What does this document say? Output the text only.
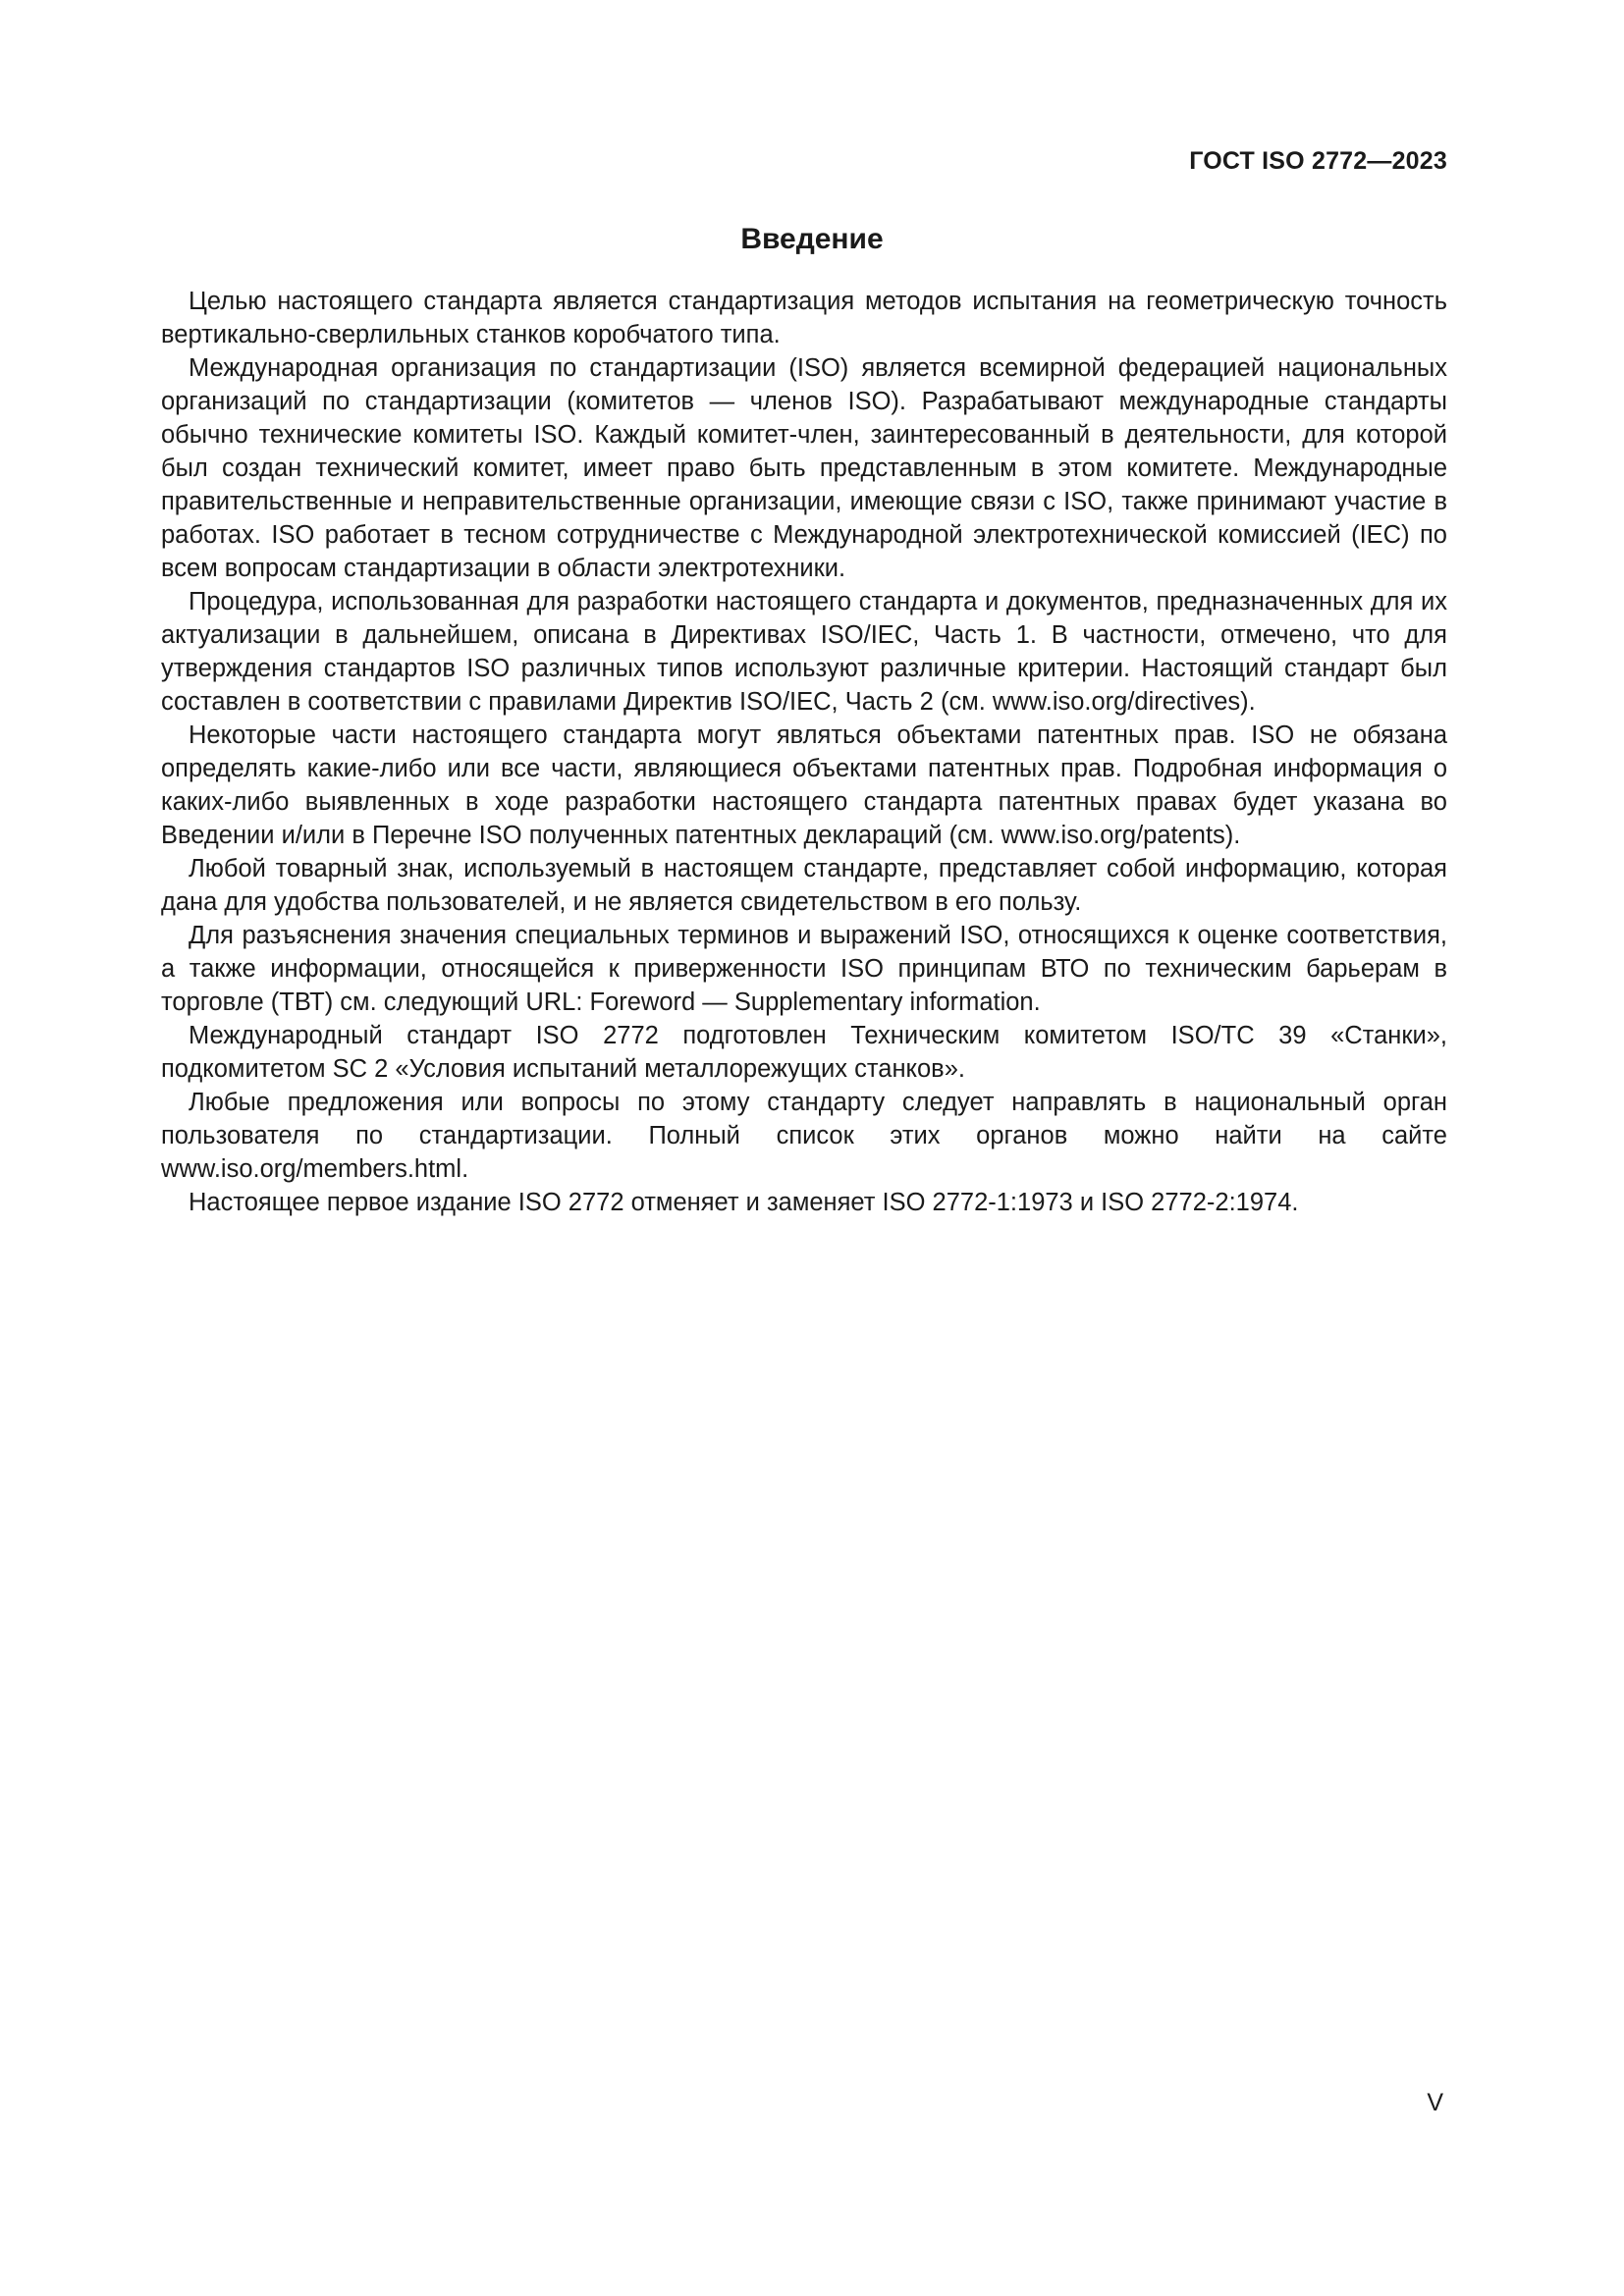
ГОСТ ISO 2772—2023
Введение

Целью настоящего стандарта является стандартизация методов испытания на геометрическую точность вертикально-сверлильных станков коробчатого типа.

Международная организация по стандартизации (ISO) является всемирной федерацией национальных организаций по стандартизации (комитетов — членов ISO). Разрабатывают международные стандарты обычно технические комитеты ISO. Каждый комитет-член, заинтересованный в деятельности, для которой был создан технический комитет, имеет право быть представленным в этом комитете. Международные правительственные и неправительственные организации, имеющие связи с ISO, также принимают участие в работах. ISO работает в тесном сотрудничестве с Международной электротехнической комиссией (IEC) по всем вопросам стандартизации в области электротехники.

Процедура, использованная для разработки настоящего стандарта и документов, предназначенных для их актуализации в дальнейшем, описана в Директивах ISO/IEC, Часть 1. В частности, отмечено, что для утверждения стандартов ISO различных типов используют различные критерии. Настоящий стандарт был составлен в соответствии с правилами Директив ISO/IEC, Часть 2 (см. www.iso.org/directives).

Некоторые части настоящего стандарта могут являться объектами патентных прав. ISO не обязана определять какие-либо или все части, являющиеся объектами патентных прав. Подробная информация о каких-либо выявленных в ходе разработки настоящего стандарта патентных правах будет указана во Введении и/или в Перечне ISO полученных патентных деклараций (см. www.iso.org/patents).

Любой товарный знак, используемый в настоящем стандарте, представляет собой информацию, которая дана для удобства пользователей, и не является свидетельством в его пользу.

Для разъяснения значения специальных терминов и выражений ISO, относящихся к оценке соответствия, а также информации, относящейся к приверженности ISO принципам ВТО по техническим барьерам в торговле (ТВТ) см. следующий URL: Foreword — Supplementary information.

Международный стандарт ISO 2772 подготовлен Техническим комитетом ISO/TC 39 «Станки», подкомитетом SC 2 «Условия испытаний металлорежущих станков».

Любые предложения или вопросы по этому стандарту следует направлять в национальный орган пользователя по стандартизации. Полный список этих органов можно найти на сайте www.iso.org/members.html.

Настоящее первое издание ISO 2772 отменяет и заменяет ISO 2772-1:1973 и ISO 2772-2:1974.

V
